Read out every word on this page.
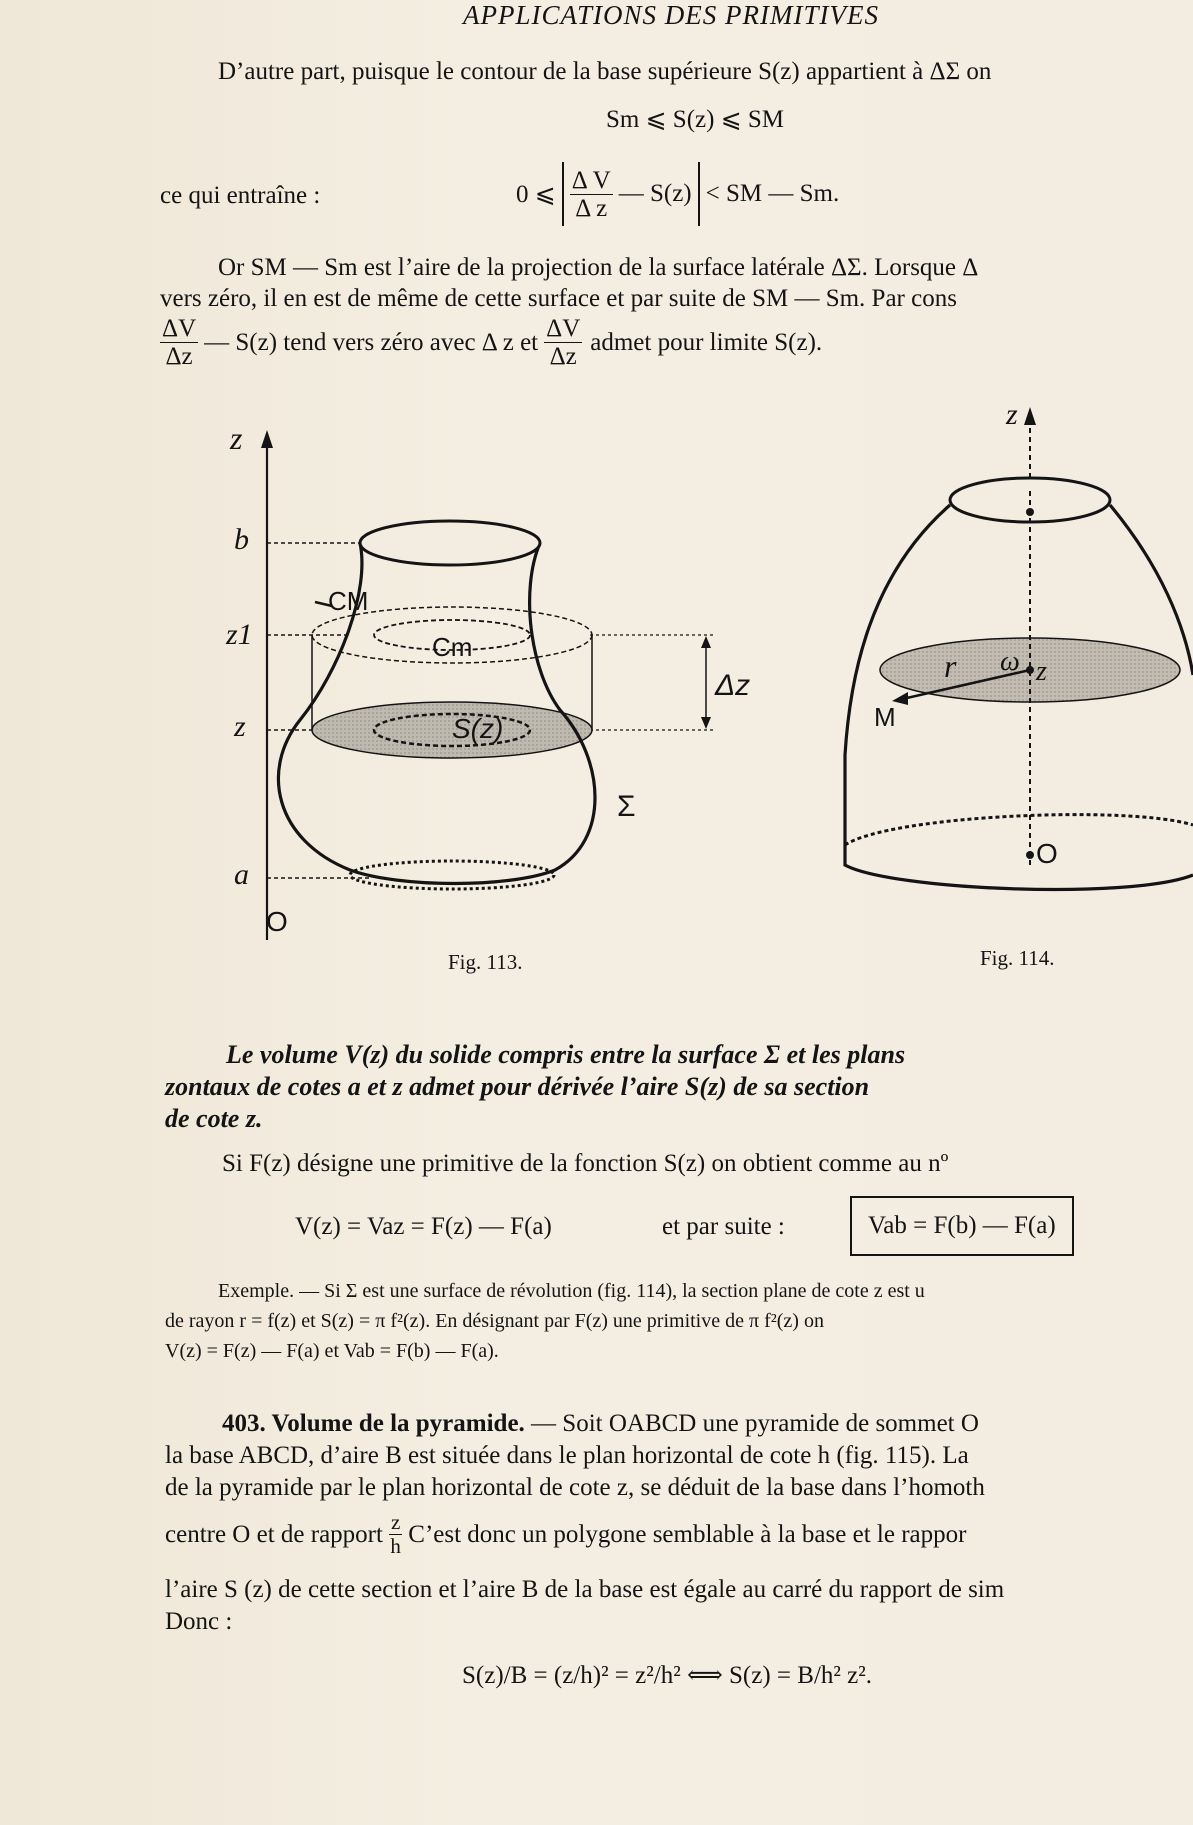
APPLICATIONS DES PRIMITIVES
D’autre part, puisque le contour de la base supérieure S(z) appartient à ΔΣ on
Sm ⩽ S(z) ⩽ SM
ce qui entraîne :	0 ⩽ $\frac{\text{Δ V}}{\text{Δ z}}$ — S(z) < SM — Sm.
Or SM — Sm est l’aire de la projection de la surface latérale ΔΣ. Lorsque Δ
vers zéro, il en est de même de cette surface et par suite de SM — Sm. Par cons
$\frac{\Delta V}{\Delta z}$ — S(z) tend vers zéro avec Δ z et $\frac{\Delta V}{\Delta z}$ admet pour limite S(z).
z
b
z1
z
a
O
CM
Cm
S(z)
Δz
Σ
Fig. 113.
z
r ω z
M
O
Fig. 114.
Le volume V(z) du solide compris entre la surface Σ et les plans
zontaux de cotes a et z admet pour dérivée l’aire S(z) de sa section
de cote z.
Si F(z) désigne une primitive de la fonction S(z) on obtient comme au nº
V(z) = Vaz = F(z) — F(a)	et par suite :	Vab = F(b) — F(a)
Exemple. — Si Σ est une surface de révolution (fig. 114), la section plane de cote z est u
de rayon r = f(z) et S(z) = π f²(z). En désignant par F(z) une primitive de π f²(z) on
V(z) = F(z) — F(a) et Vab = F(b) — F(a).
403. Volume de la pyramide. — Soit OABCD une pyramide de sommet O
la base ABCD, d’aire B est située dans le plan horizontal de cote h (fig. 115). La
de la pyramide par le plan horizontal de cote z, se déduit de la base dans l’homoth
centre O et de rapport $\frac{z}{h}$ C’est donc un polygone semblable à la base et le rappor
l’aire S (z) de cette section et l’aire B de la base est égale au carré du rapport de sim
Donc :
S(z)/B = (z/h)² = z²/h² ⟺ S(z) = B/h² z².
